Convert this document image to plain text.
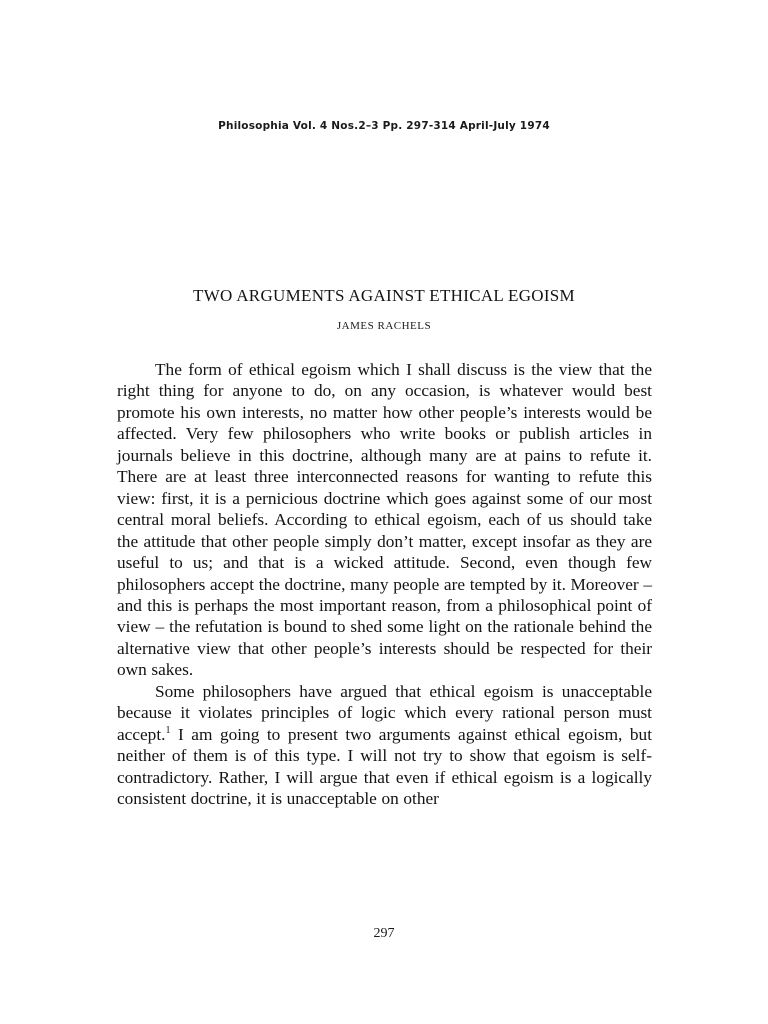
Philosophia Vol. 4 Nos.2–3 Pp. 297-314 April-July 1974
TWO ARGUMENTS AGAINST ETHICAL EGOISM
JAMES RACHELS

The form of ethical egoism which I shall discuss is the view that the right thing for anyone to do, on any occasion, is whatever would best promote his own interests, no matter how other people’s interests would be affected. Very few philosophers who write books or publish articles in journals believe in this doctrine, although many are at pains to refute it. There are at least three interconnected reasons for wanting to refute this view: first, it is a pernicious doctrine which goes against some of our most central moral beliefs. According to ethical egoism, each of us should take the attitude that other people simply don’t matter, except insofar as they are useful to us; and that is a wicked attitude. Second, even though few philosophers accept the doctrine, many people are tempted by it. Moreover – and this is perhaps the most important reason, from a philosophical point of view – the refutation is bound to shed some light on the rationale behind the alternative view that other people’s interests should be respected for their own sakes.

Some philosophers have argued that ethical egoism is unacceptable because it violates principles of logic which every rational person must accept.$^1$ I am going to present two arguments against ethical egoism, but neither of them is of this type. I will not try to show that egoism is self-contradictory. Rather, I will argue that even if ethical egoism is a logically consistent doctrine, it is unacceptable on other

297
